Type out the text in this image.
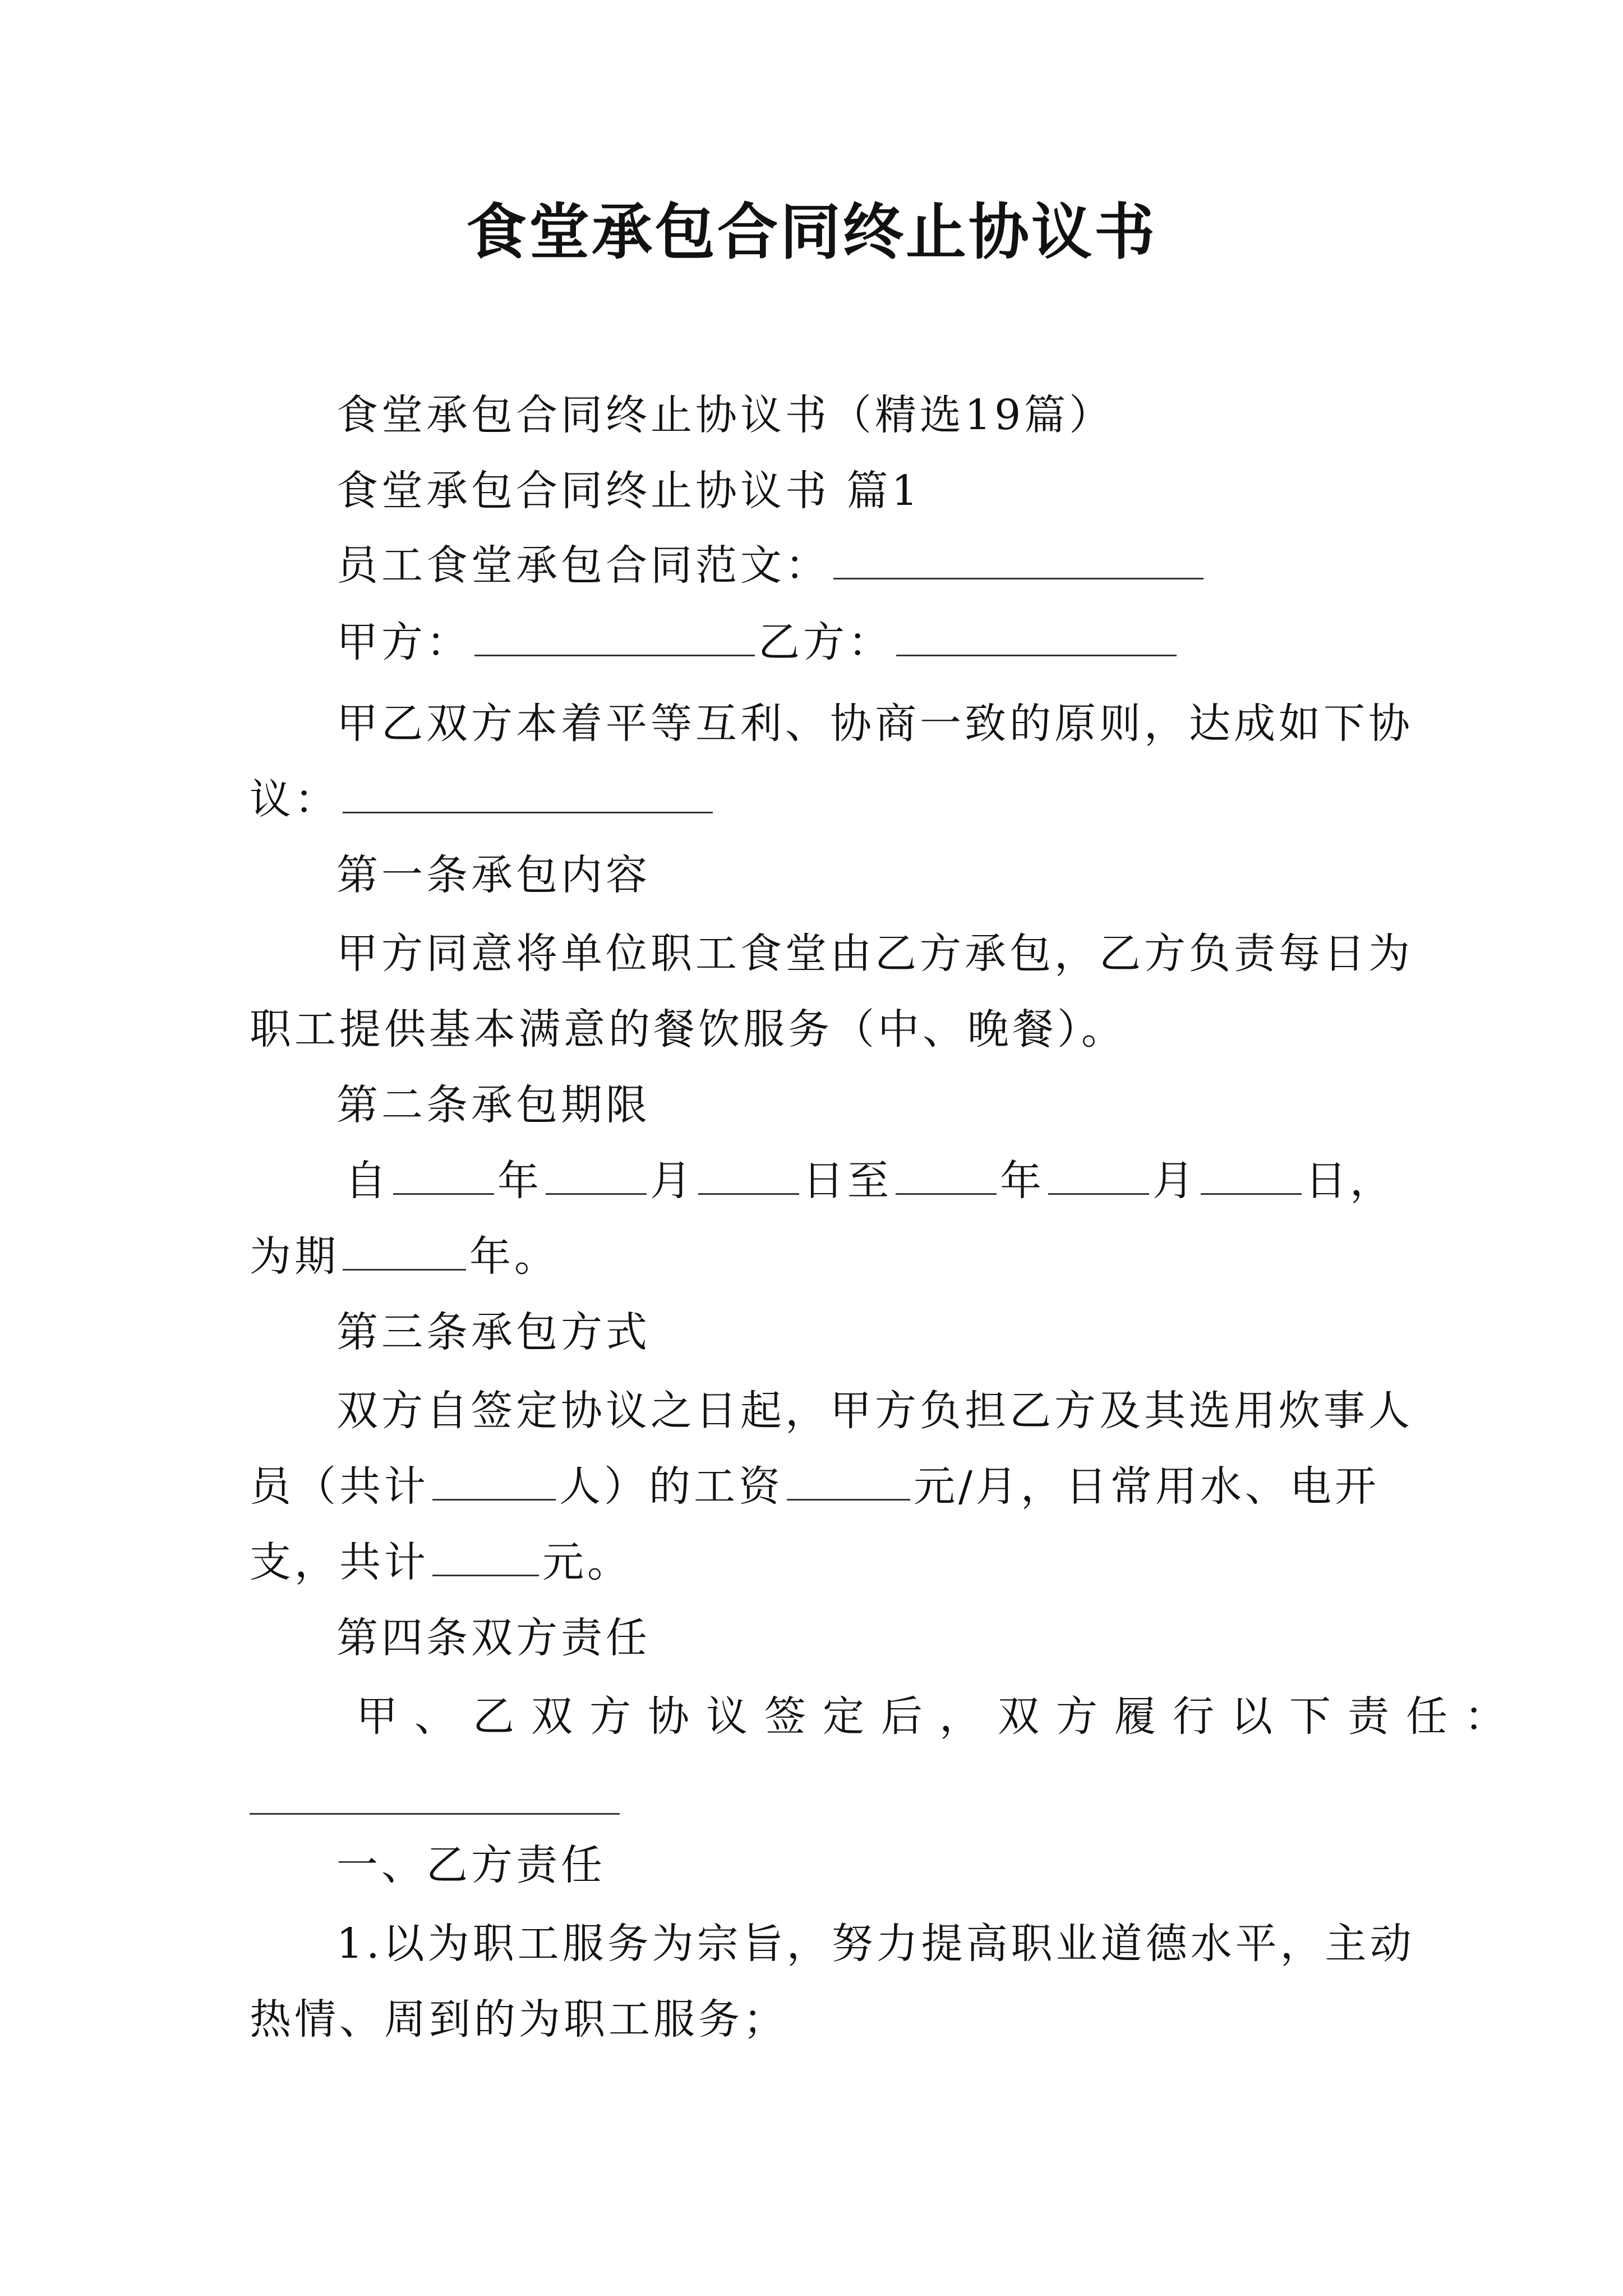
食堂承包合同终止协议书
食堂承包合同终止协议书（精选19篇）
食堂承包合同终止协议书 篇1
员工食堂承包合同范文：
甲方：	乙方：
甲乙双方本着平等互利、协商一致的原则，达成如下协
议：
第一条承包内容
甲方同意将单位职工食堂由乙方承包，乙方负责每日为
职工提供基本满意的餐饮服务（中、晚餐）。
第二条承包期限
自	年	月	日至	年	月	日，
为期	年。
第三条承包方式
双方自签定协议之日起，甲方负担乙方及其选用炊事人
员（共计	人）的工资	元/月，日常用水、电开
支，共计	元。
第四条双方责任
甲、乙双方协议签定后，双方履行以下责任：
一、乙方责任
1.以为职工服务为宗旨，努力提高职业道德水平，主动
热情、周到的为职工服务；
